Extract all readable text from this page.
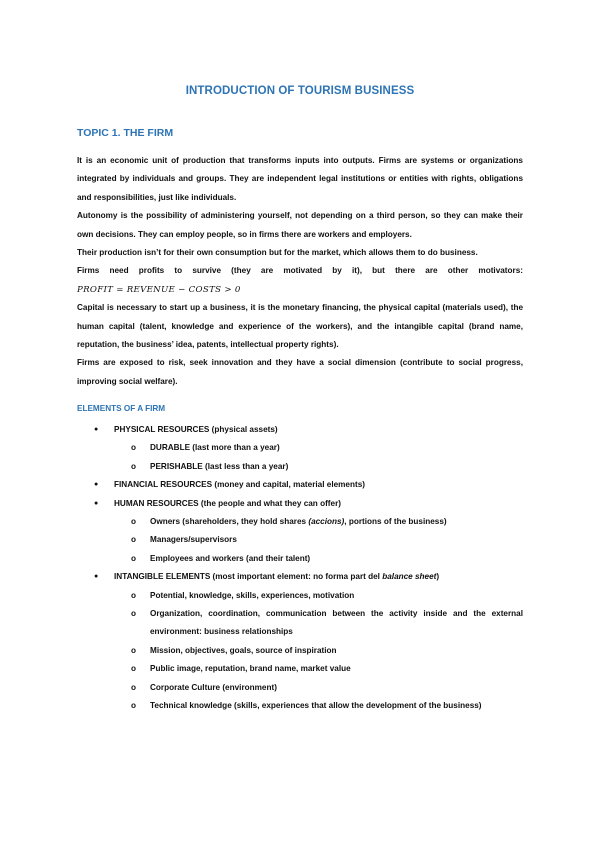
INTRODUCTION OF TOURISM BUSINESS
TOPIC 1. THE FIRM

It is an economic unit of production that transforms inputs into outputs. Firms are systems or organizations integrated by individuals and groups. They are independent legal institutions or entities with rights, obligations and responsibilities, just like individuals.

Autonomy is the possibility of administering yourself, not depending on a third person, so they can make their own decisions. They can employ people, so in firms there are workers and employers.

Their production isn’t for their own consumption but for the market, which allows them to do business.

Firms need profits to survive (they are motivated by it), but there are other motivators:

PROFIT = REVENUE − COSTS > 0

Capital is necessary to start up a business, it is the monetary financing, the physical capital (materials used), the human capital (talent, knowledge and experience of the workers), and the intangible capital (brand name, reputation, the business’ idea, patents, intellectual property rights).

Firms are exposed to risk, seek innovation and they have a social dimension (contribute to social progress, improving social welfare).

ELEMENTS OF A FIRM
● PHYSICAL RESOURCES (physical assets)
o DURABLE (last more than a year)
o PERISHABLE (last less than a year)
● FINANCIAL RESOURCES (money and capital, material elements)
● HUMAN RESOURCES (the people and what they can offer)
o Owners (shareholders, they hold shares (accions), portions of the business)
o Managers/supervisors
o Employees and workers (and their talent)
● INTANGIBLE ELEMENTS (most important element: no forma part del balance sheet)
o Potential, knowledge, skills, experiences, motivation
o Organization, coordination, communication between the activity inside and the external environment: business relationships
o Mission, objectives, goals, source of inspiration
o Public image, reputation, brand name, market value
o Corporate Culture (environment)
o Technical knowledge (skills, experiences that allow the development of the business)
